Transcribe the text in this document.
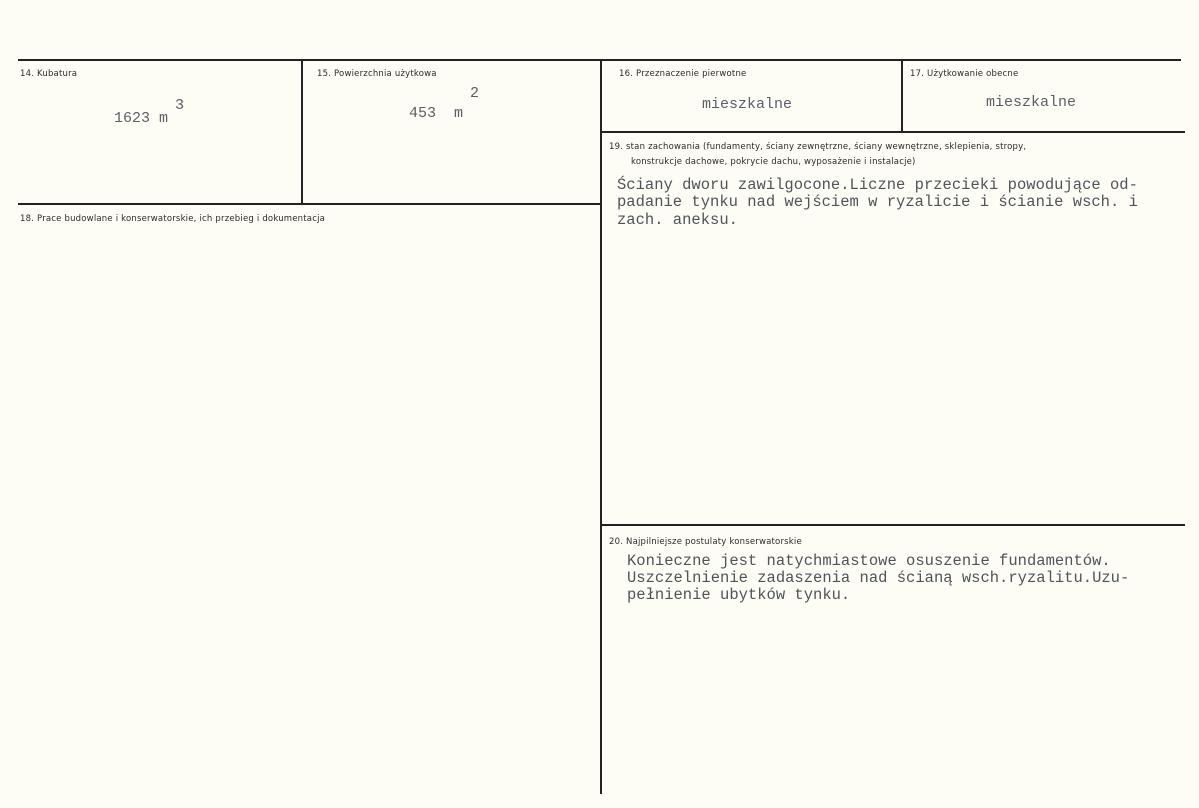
14. Kubatura
1623 m
3
15. Powierzchnia użytkowa
453  m
2
16. Przeznaczenie pierwotne
mieszkalne
17. Użytkowanie obecne
mieszkalne
18. Prace budowlane i konserwatorskie, ich przebieg i dokumentacja
19. stan zachowania (fundamenty, ściany zewnętrzne, ściany wewnętrzne, sklepienia, stropy,
konstrukcje dachowe, pokrycie dachu, wyposażenie i instalacje)
Ściany dworu zawilgocone.Liczne przecieki powodujące od-
padanie tynku nad wejściem w ryzalicie i ścianie wsch. i
zach. aneksu.
20. Najpilniejsze postulaty konserwatorskie
Konieczne jest natychmiastowe osuszenie fundamentów.
Uszczelnienie zadaszenia nad ścianą wsch.ryzalitu.Uzu-
pełnienie ubytków tynku.
